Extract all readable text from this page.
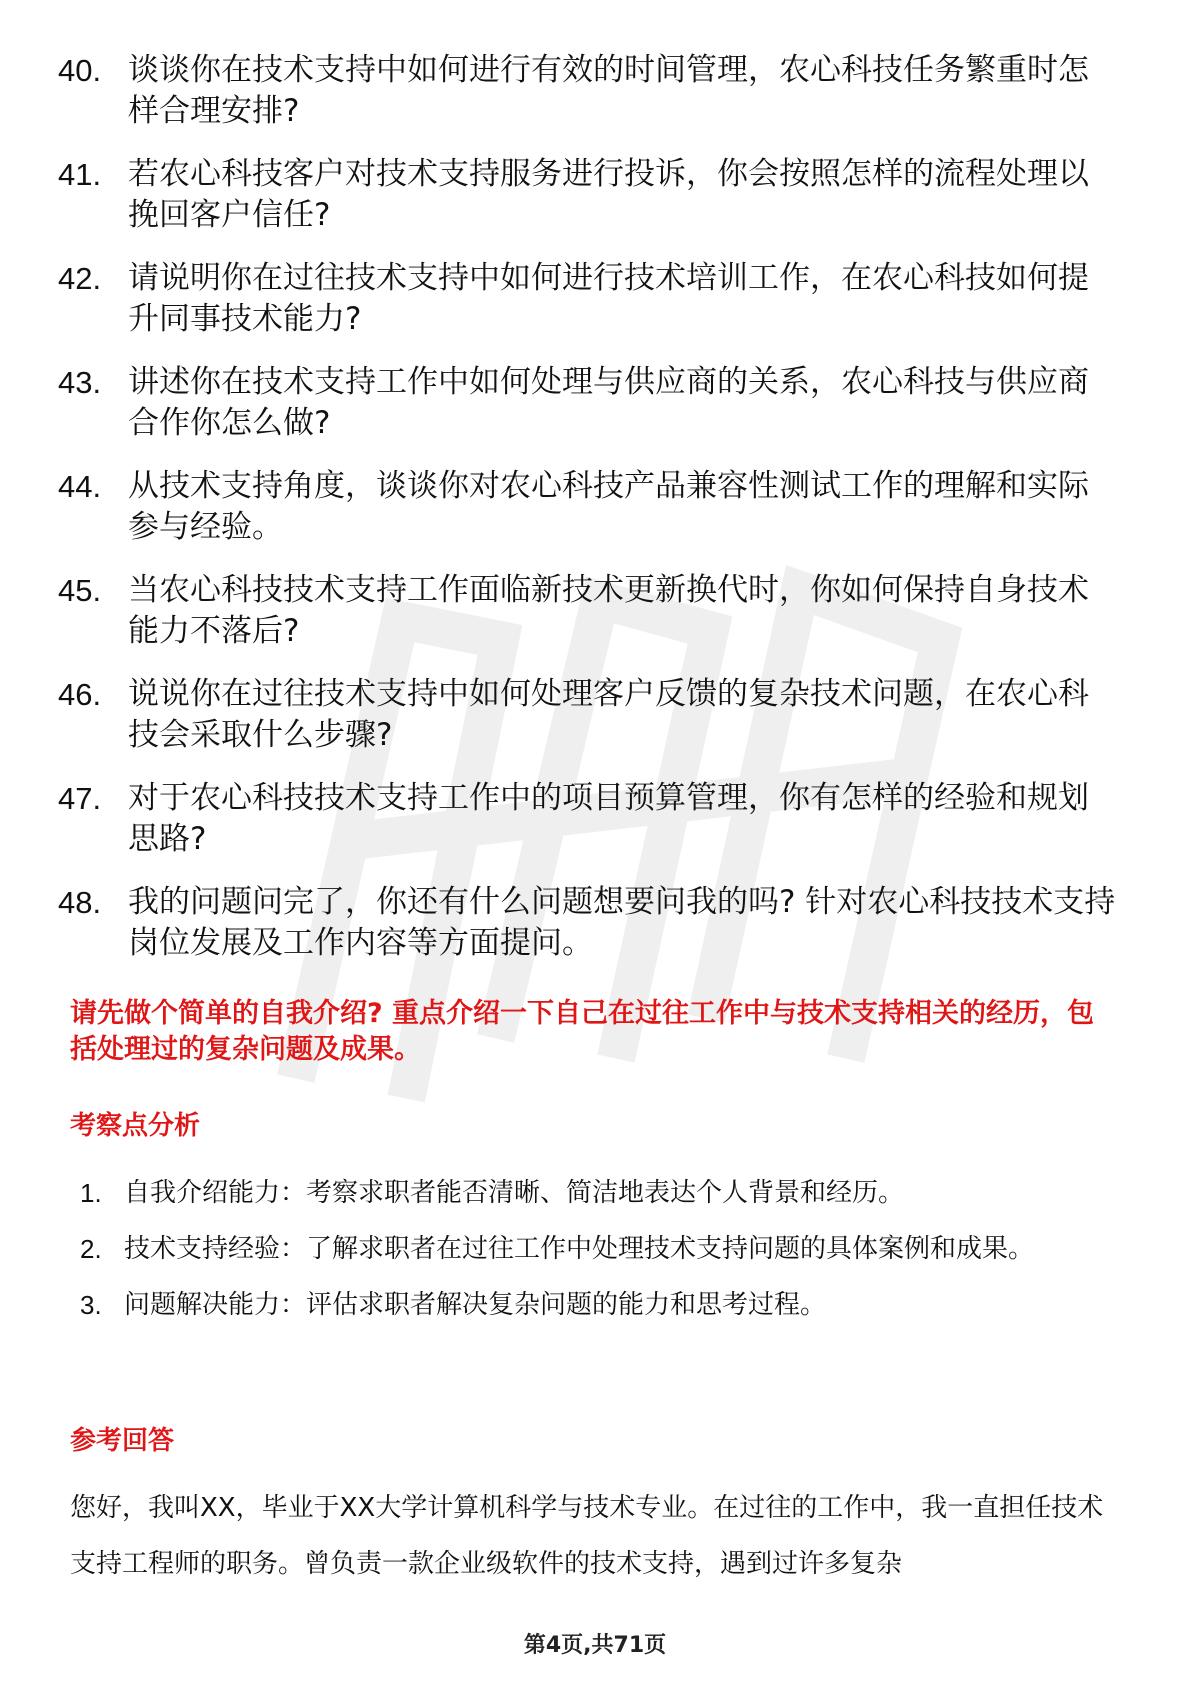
40. 谈谈你在技术支持中如何进行有效的时间管理，农心科技任务繁重时怎样合理安排?
41. 若农心科技客户对技术支持服务进行投诉，你会按照怎样的流程处理以挽回客户信任?
42. 请说明你在过往技术支持中如何进行技术培训工作，在农心科技如何提升同事技术能力?
43. 讲述你在技术支持工作中如何处理与供应商的关系，农心科技与供应商合作你怎么做?
44. 从技术支持角度，谈谈你对农心科技产品兼容性测试工作的理解和实际参与经验。
45. 当农心科技技术支持工作面临新技术更新换代时，你如何保持自身技术能力不落后?
46. 说说你在过往技术支持中如何处理客户反馈的复杂技术问题，在农心科技会采取什么步骤?
47. 对于农心科技技术支持工作中的项目预算管理，你有怎样的经验和规划思路?
48. 我的问题问完了，你还有什么问题想要问我的吗? 针对农心科技技术支持岗位发展及工作内容等方面提问。

请先做个简单的自我介绍? 重点介绍一下自己在过往工作中与技术支持相关的经历，包括处理过的复杂问题及成果。

考察点分析
1. 自我介绍能力：考察求职者能否清晰、简洁地表达个人背景和经历。
2. 技术支持经验：了解求职者在过往工作中处理技术支持问题的具体案例和成果。
3. 问题解决能力：评估求职者解决复杂问题的能力和思考过程。
参考回答

您好，我叫XX，毕业于XX大学计算机科学与技术专业。在过往的工作中，我一直担任技术支持工程师的职务。曾负责一款企业级软件的技术支持，遇到过许多复杂

第4页,共71页
